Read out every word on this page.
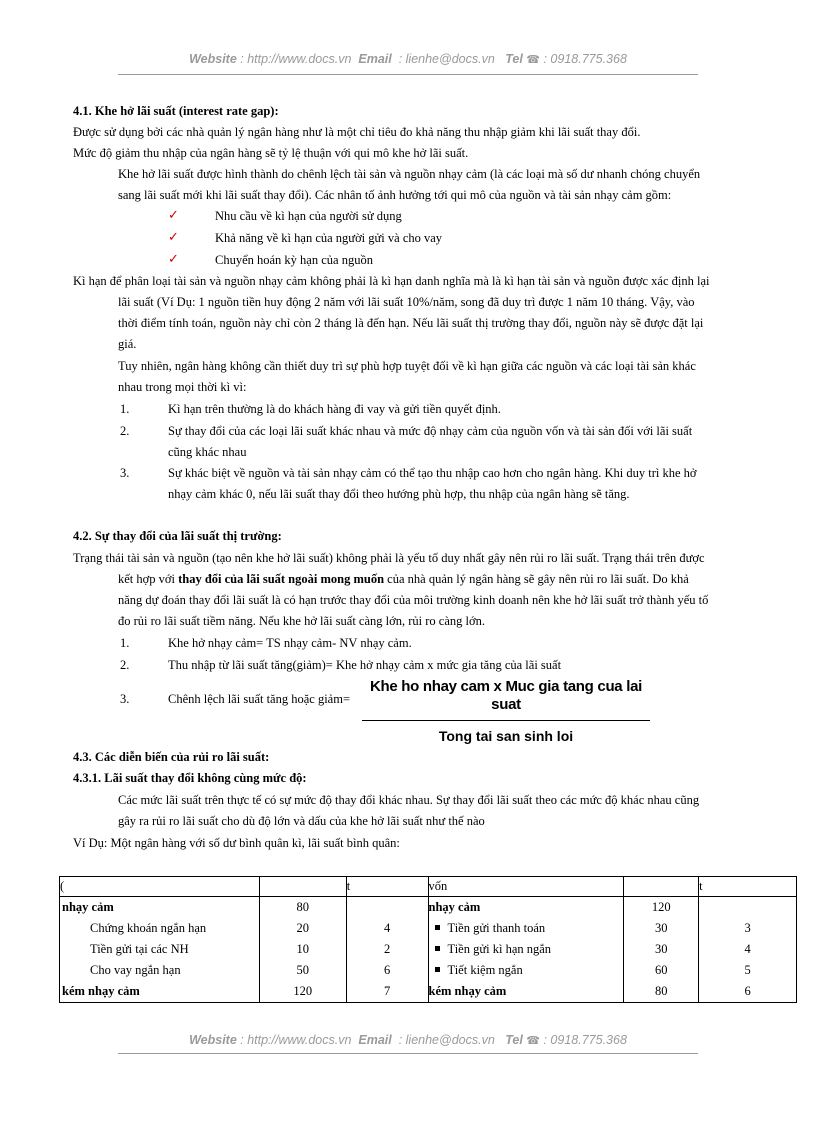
Website : http://www.docs.vn Email : lienhe@docs.vn Tel ☎ : 0918.775.368
4.1. Khe hở lãi suất (interest rate gap):
Được sử dụng bởi các nhà quản lý ngân hàng như là một chỉ tiêu đo khả năng thu nhập giảm khi lãi suất thay đổi.
Mức độ giảm thu nhập của ngân hàng sẽ tỷ lệ thuận với qui mô khe hở lãi suất.
Khe hở lãi suất được hình thành do chênh lệch tài sản và nguồn nhạy cảm (là các loại mà số dư nhanh chóng chuyển
sang lãi suất mới khi lãi suất thay đổi). Các nhân tố ảnh hưởng tới qui mô của nguồn và tài sản nhạy cảm gồm:
✓	Nhu cầu về kì hạn của người sử dụng
✓	Khả năng về kì hạn của người gửi và cho vay
✓	Chuyển hoán kỳ hạn của nguồn
Kì hạn để phân loại tài sản và nguồn nhạy cảm không phải là kì hạn danh nghĩa mà là kì hạn tài sản và nguồn được xác định lại
lãi suất (Ví Dụ: 1 nguồn tiền huy động 2 năm với lãi suất 10%/năm, song đã duy trì được 1 năm 10 tháng. Vậy, vào
thời điểm tính toán, nguồn này chỉ còn 2 tháng là đến hạn. Nếu lãi suất thị trường thay đổi, nguồn này sẽ được đặt lại
giá.
Tuy nhiên, ngân hàng không cần thiết duy trì sự phù hợp tuyệt đối về kì hạn giữa các nguồn và các loại tài sản khác
nhau trong mọi thời kì vì:
1.	Kì hạn trên thường là do khách hàng đi vay và gửi tiền quyết định.
2.	Sự thay đổi của các loại lãi suất khác nhau và mức độ nhạy cảm của nguồn vốn và tài sản đối với lãi suất
cũng khác nhau
3.	Sự khác biệt về nguồn và tài sản nhạy cảm có thể tạo thu nhập cao hơn cho ngân hàng. Khi duy trì khe hở
nhạy cảm khác 0, nếu lãi suất thay đổi theo hướng phù hợp, thu nhập của ngân hàng sẽ tăng.
4.2. Sự thay đổi của lãi suất thị trường:
Trạng thái tài sản và nguồn (tạo nên khe hở lãi suất) không phải là yếu tố duy nhất gây nên rủi ro lãi suất. Trạng thái trên được
kết hợp với thay đổi của lãi suất ngoài mong muốn của nhà quản lý ngân hàng sẽ gây nên rủi ro lãi suất. Do khả
năng dự đoán thay đổi lãi suất là có hạn trước thay đổi của môi trường kinh doanh nên khe hở lãi suất trở thành yếu tố
đo rủi ro lãi suất tiềm năng. Nếu khe hở lãi suất càng lớn, rủi ro càng lớn.
1.	Khe hở nhạy cảm= TS nhạy cảm- NV nhạy cảm.
2.	Thu nhập từ lãi suất tăng(giảm)= Khe hở nhạy cảm x mức gia tăng của lãi suất
3.	Chênh lệch lãi suất tăng hoặc giảm=
Khe ho nhay cam x Muc gia tang cua lai suat
Tong tai san sinh loi
4.3. Các diễn biến của rủi ro lãi suất:
4.3.1. Lãi suất thay đổi không cùng mức độ:
Các mức lãi suất trên thực tế có sự mức độ thay đổi khác nhau. Sự thay đổi lãi suất theo các mức độ khác nhau cũng
gây ra rủi ro lãi suất cho dù độ lớn và dấu của khe hở lãi suất như thế nào
Ví Dụ: Một ngân hàng với số dư bình quân kì, lãi suất bình quân:
(		t	vốn		t
nhạy cảm	80		nhạy cảm	120	
Chứng khoán ngắn hạn	20	4	Tiền gửi thanh toán	30	3
Tiền gửi tại các NH	10	2	Tiền gửi kì hạn ngắn	30	4
Cho vay ngắn hạn	50	6	Tiết kiệm ngắn	60	5
kém nhạy cảm	120	7	kém nhạy cảm	80	6
Website : http://www.docs.vn Email : lienhe@docs.vn Tel ☎ : 0918.775.368
